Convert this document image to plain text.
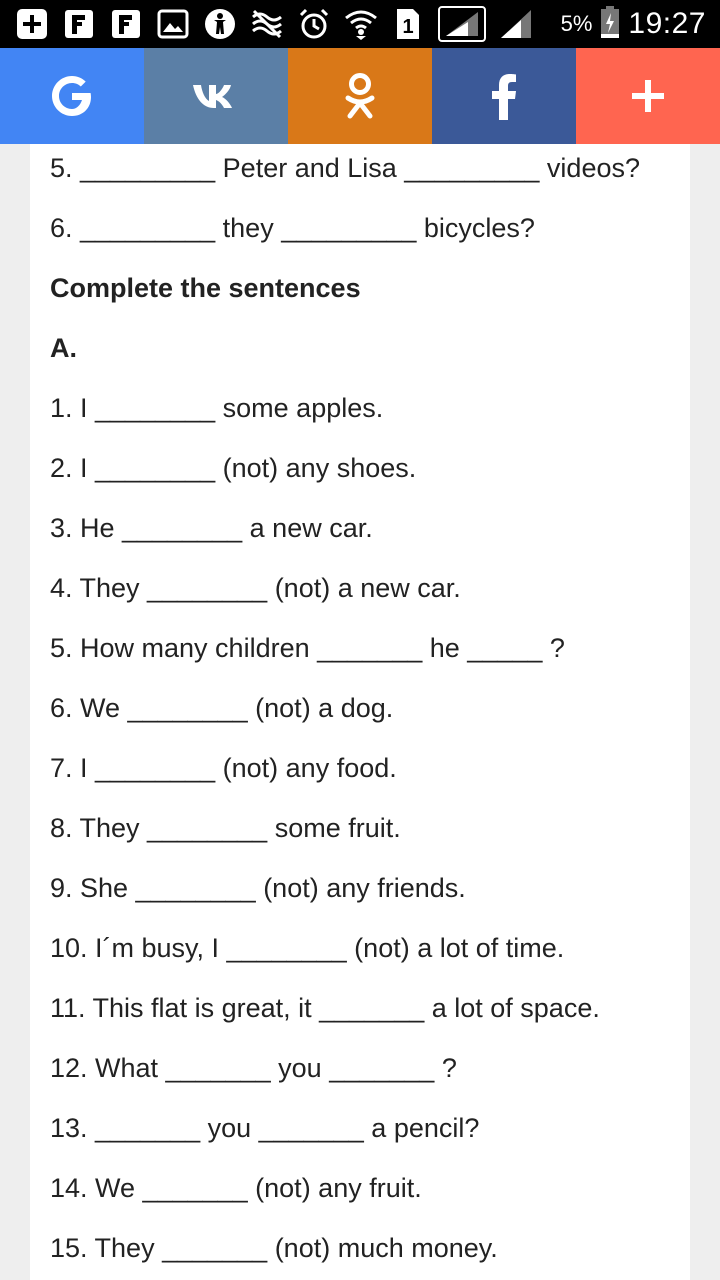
1	5% 19:27
5. _________ Peter and Lisa _________ videos?
6. _________ they _________ bicycles?
Complete the sentences
A.
1. I ________ some apples.
2. I ________ (not) any shoes.
3. He ________ a new car.
4. They ________ (not) a new car.
5. How many children _______ he _____ ?
6. We ________ (not) a dog.
7. I ________ (not) any food.
8. They ________ some fruit.
9. She ________ (not) any friends.
10. I´m busy, I ________ (not) a lot of time.
11. This flat is great, it _______ a lot of space.
12. What _______ you _______ ?
13. _______ you _______ a pencil?
14. We _______ (not) any fruit.
15. They _______ (not) much money.
